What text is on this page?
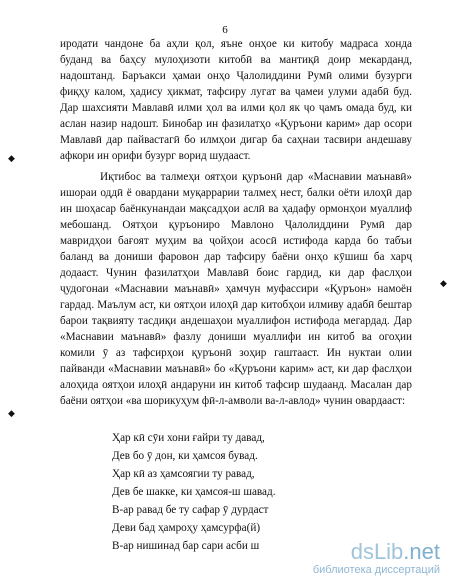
6
иродати чандоне ба аҳли қол, яъне онҳое ки китобу мадраса хонда
буданд ва баҳсу мулоҳизоти китобӣ ва мантиқӣ доир мекарданд,
надоштанд. Баръакси ҳамаи онҳо Ҷалолиддини Румӣ олими бузурги
фиқҳу калом, ҳадису ҳикмат, тафсиру лугат ва ҷамеи улуми адабӣ буд.
Дар шахсияти Мавлавӣ илми ҳол ва илми қол як ҷо ҷамъ омада буд, ки
аслан назир надошт. Бинобар ин фазилатҳо «Қуръони карим» дар осори
Мавлавӣ дар пайвастагӣ бо илмҳои дигар ба саҳнаи тасвири андешаву
афкори ин орифи бузург ворид шудааст.
◆
Иқтибос ва талмеҳи оятҳои қуръонӣ дар «Маснавии маънавӣ»
ишораи оддӣ ё овардани муқаррарии талмеҳ нест, балки оёти илоҳӣ дар
ин шоҳасар баёнкунандаи мақсадҳои аслӣ ва ҳадафу ормонҳои муаллиф
мебошанд. Оятҳои қуръониро Мавлоно Ҷалолиддини Румӣ дар
мавридҳои бағоят муҳим ва ҷойҳои асосӣ истифода карда бо табъи
баланд ва дониши фаровон дар тафсиру баёни онҳо кӯшиш ба харҷ
додааст. Чунин фазилатҳои Мавлавӣ боис гардид, ки дар фаслҳои
ҷудогонаи «Маснавии маънавӣ» ҳамчун муфассири «Қуръон» намоён
гардад. Маълум аст, ки оятҳои илоҳӣ дар китобҳои илмиву адабӣ бештар
барои тақвияту тасдиқи андешаҳои муаллифон истифода мегардад. Дар
«Маснавии маънавӣ» фазлу дониши муаллифи ин китоб ва огоҳии
комили ӯ аз тафсирҳои қуръонӣ зоҳир гаштааст. Ин нуктаи олии
пайванди «Маснавии маънавӣ» бо «Қуръони карим» аст, ки дар фаслҳои
алоҳида оятҳои илоҳӣ андаруни ин китоб тафсир шудаанд. Масалан дар
баёни оятҳои «ва шорикуҳум фӣ-л-амволи ва-л-авлод» чунин овардааст:
◆
◆
Ҳар кӣ сӯи хони ғайри ту давад,
Дев бо ӯ дон, ки ҳамсоя бувад.
Ҳар кӣ аз ҳамсоягии ту равад,
Дев бе шакке, ки ҳамсоя-ш шавад.
В-ар равад бе ту сафар ӯ дурдаст
Деви бад ҳамроҳу ҳамсурфа(й)
В-ар нишинад бар сари асби ш	dsLib.net
библиотека диссертаций
